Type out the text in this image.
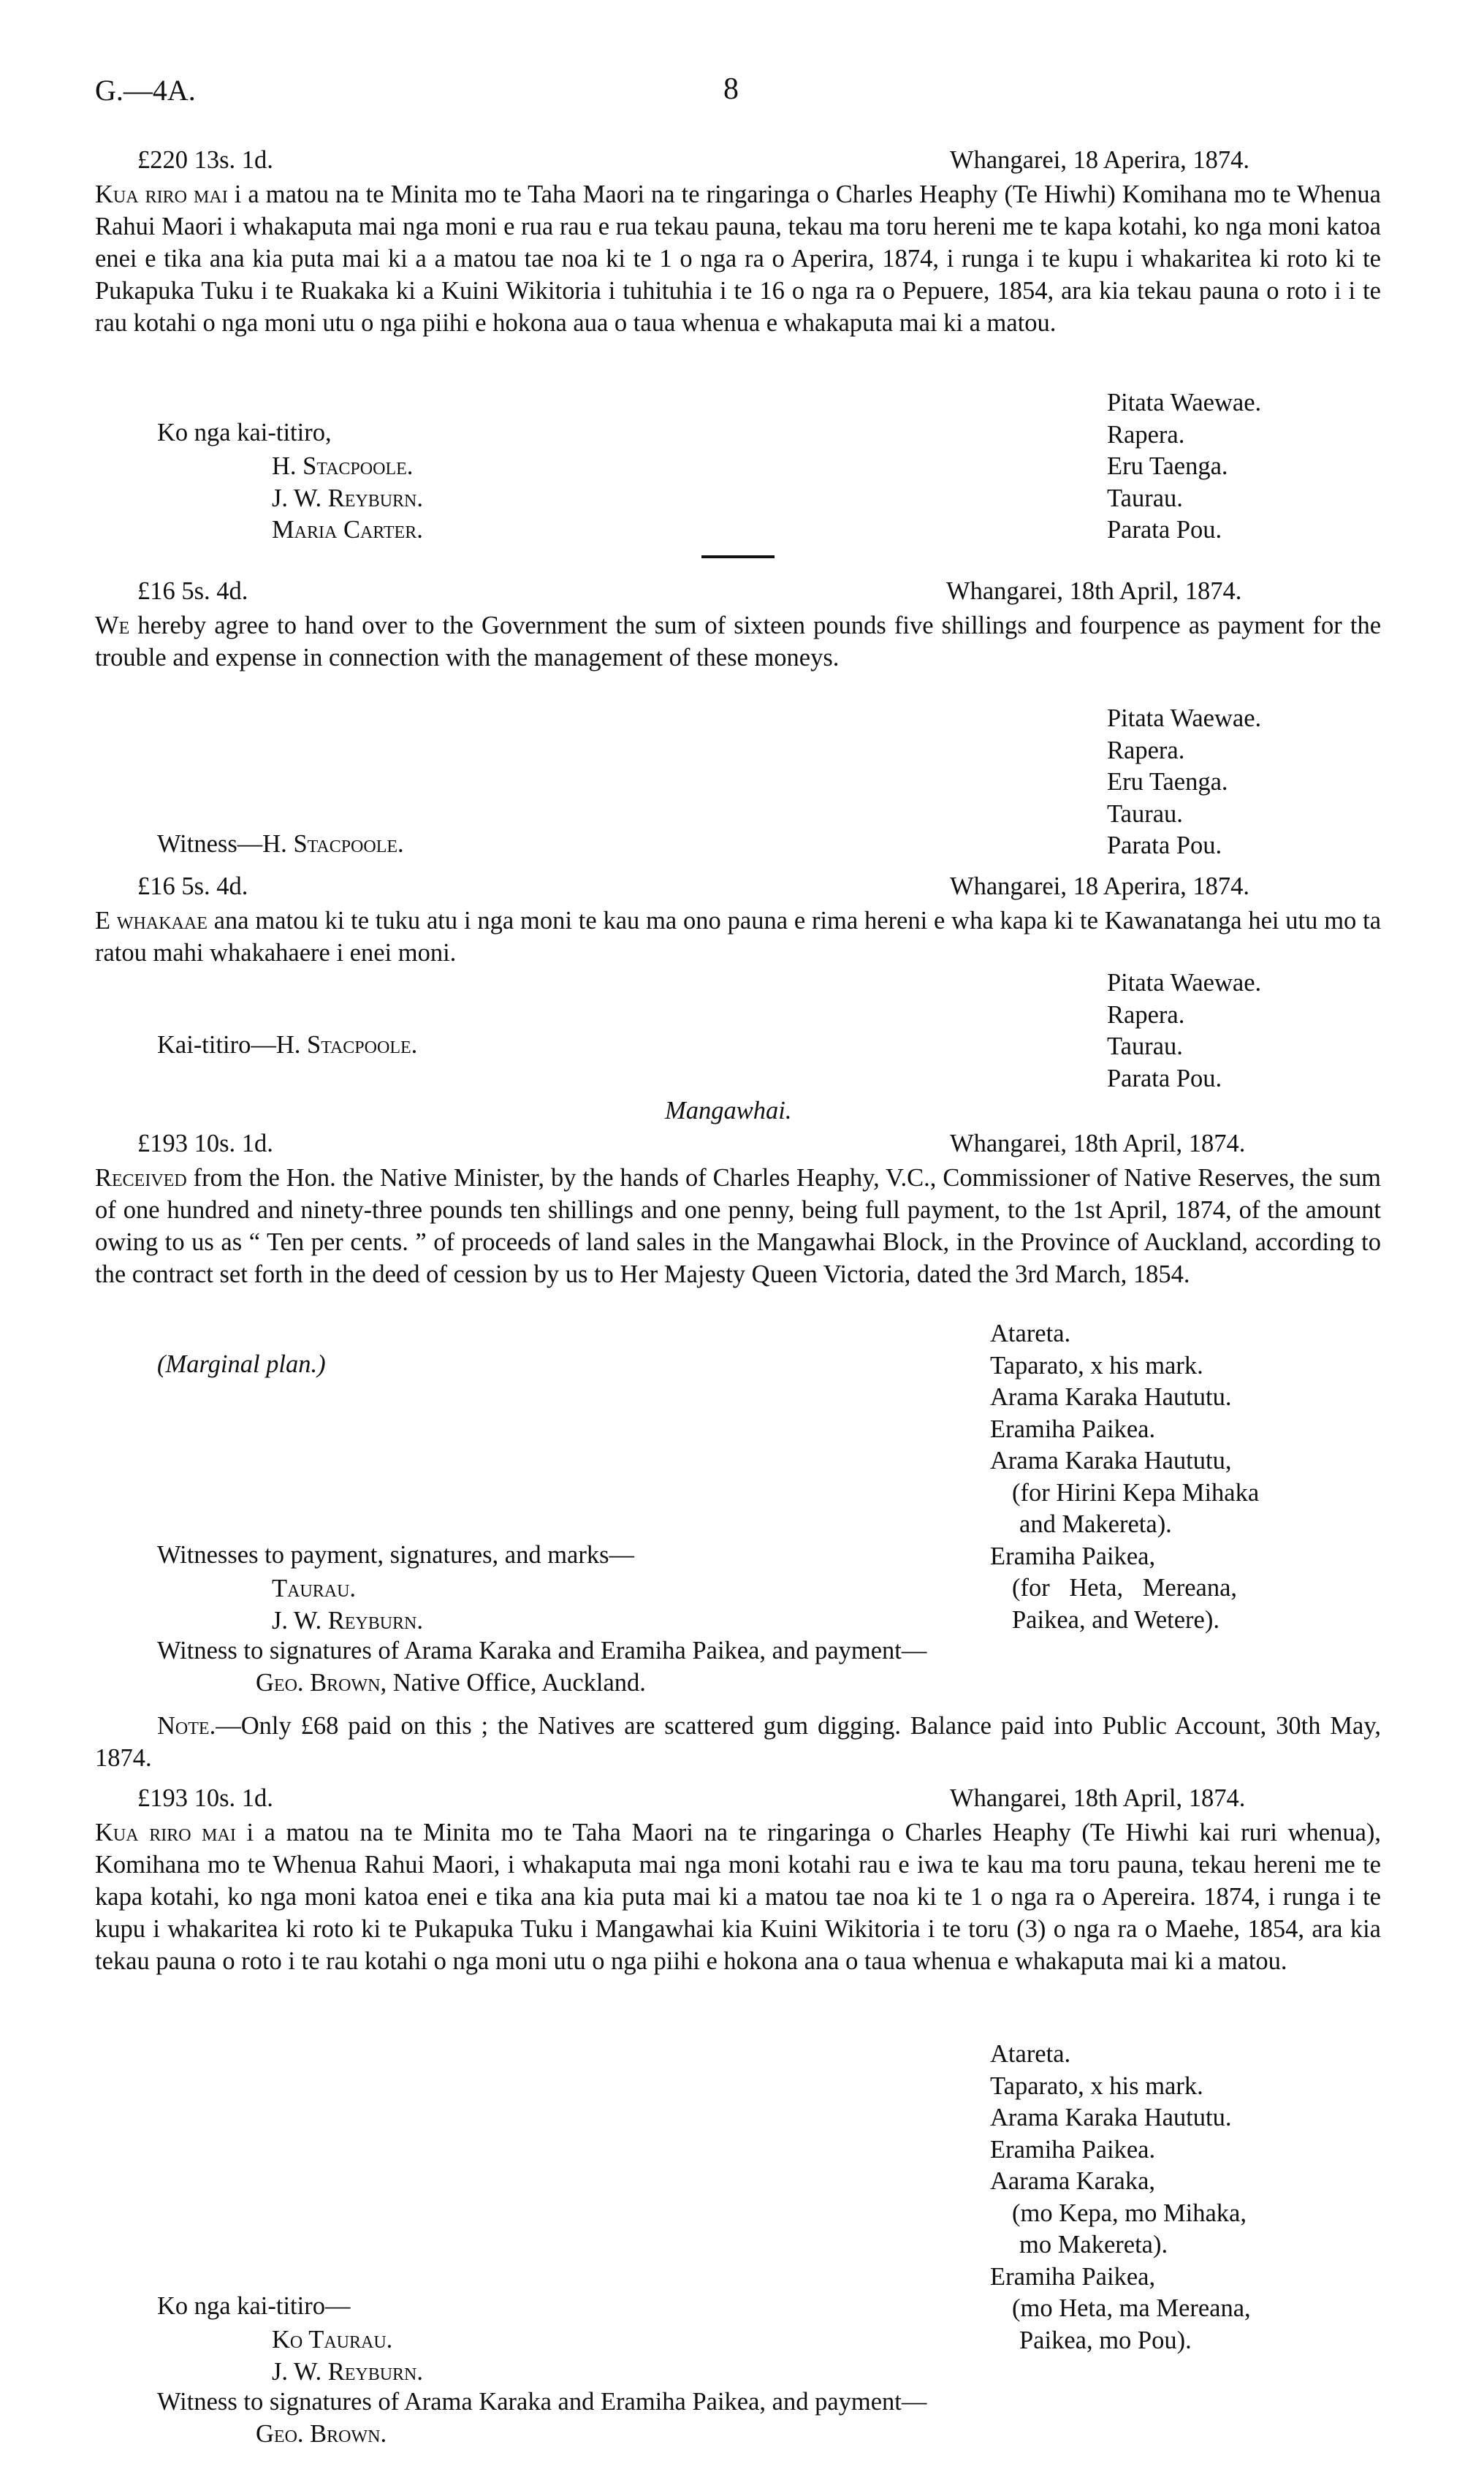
G.—4A.	8
£220 13s. 1d.	Whangarei, 18 Aperira, 1874.
Kua riro mai i a matou na te Minita mo te Taha Maori na te ringaringa o Charles Heaphy (Te Hiwhi) Komihana mo te Whenua Rahui Maori i whakaputa mai nga moni e rua rau e rua tekau pauna, tekau ma toru hereni me te kapa kotahi, ko nga moni katoa enei e tika ana kia puta mai ki a a matou tae noa ki te 1 o nga ra o Aperira, 1874, i runga i te kupu i whakaritea ki roto ki te Pukapuka Tuku i te Ruakaka ki a Kuini Wikitoria i tuhituhia i te 16 o nga ra o Pepuere, 1854, ara kia tekau pauna o roto i i te rau kotahi o nga moni utu o nga piihi e hokona aua o taua whenua e whakaputa mai ki a matou.
Pitata Waewae.
Rapera.
Eru Taenga.
Taurau.
Parata Pou.
Ko nga kai-titiro,
H. Stacpoole.
J. W. Reyburn.
Maria Carter.
£16 5s. 4d.	Whangarei, 18th April, 1874.
We hereby agree to hand over to the Government the sum of sixteen pounds five shillings and fourpence as payment for the trouble and expense in connection with the management of these moneys.
Pitata Waewae.
Rapera.
Eru Taenga.
Taurau.
Parata Pou.
Witness—H. Stacpoole.
£16 5s. 4d.	Whangarei, 18 Aperira, 1874.
E whakaae ana matou ki te tuku atu i nga moni te kau ma ono pauna e rima hereni e wha kapa ki te Kawanatanga hei utu mo ta ratou mahi whakahaere i enei moni.
Pitata Waewae.
Rapera.
Taurau.
Parata Pou.
Kai-titiro—H. Stacpoole.
Mangawhai.
£193 10s. 1d.	Whangarei, 18th April, 1874.
Received from the Hon. the Native Minister, by the hands of Charles Heaphy, V.C., Commissioner of Native Reserves, the sum of one hundred and ninety-three pounds ten shillings and one penny, being full payment, to the 1st April, 1874, of the amount owing to us as “ Ten per cents. ” of proceeds of land sales in the Mangawhai Block, in the Province of Auckland, according to the contract set forth in the deed of cession by us to Her Majesty Queen Victoria, dated the 3rd March, 1854.
(Marginal plan.)
Atareta.
Taparato, x his mark.
Arama Karaka Haututu.
Eramiha Paikea.
Arama Karaka Haututu,
(for Hirini Kepa Mihaka
and Makereta).
Eramiha Paikea,
(for Heta, Mereana,
Paikea, and Wetere).
Witnesses to payment, signatures, and marks—
Taurau.
J. W. Reyburn.
Witness to signatures of Arama Karaka and Eramiha Paikea, and payment—
Geo. Brown, Native Office, Auckland.
Note.—Only £68 paid on this ; the Natives are scattered gum digging. Balance paid into Public Account, 30th May, 1874.
£193 10s. 1d.	Whangarei, 18th April, 1874.
Kua riro mai i a matou na te Minita mo te Taha Maori na te ringaringa o Charles Heaphy (Te Hiwhi kai ruri whenua), Komihana mo te Whenua Rahui Maori, i whakaputa mai nga moni kotahi rau e iwa te kau ma toru pauna, tekau hereni me te kapa kotahi, ko nga moni katoa enei e tika ana kia puta mai ki a matou tae noa ki te 1 o nga ra o Apereira. 1874, i runga i te kupu i whakaritea ki roto ki te Pukapuka Tuku i Mangawhai kia Kuini Wikitoria i te toru (3) o nga ra o Maehe, 1854, ara kia tekau pauna o roto i te rau kotahi o nga moni utu o nga piihi e hokona ana o taua whenua e whakaputa mai ki a matou.
Atareta.
Taparato, x his mark.
Arama Karaka Haututu.
Eramiha Paikea.
Aarama Karaka,
(mo Kepa, mo Mihaka,
mo Makereta).
Eramiha Paikea,
(mo Heta, ma Mereana,
Paikea, mo Pou).
Ko nga kai-titiro—
Ko Taurau.
J. W. Reyburn.
Witness to signatures of Arama Karaka and Eramiha Paikea, and payment—
Geo. Brown.
